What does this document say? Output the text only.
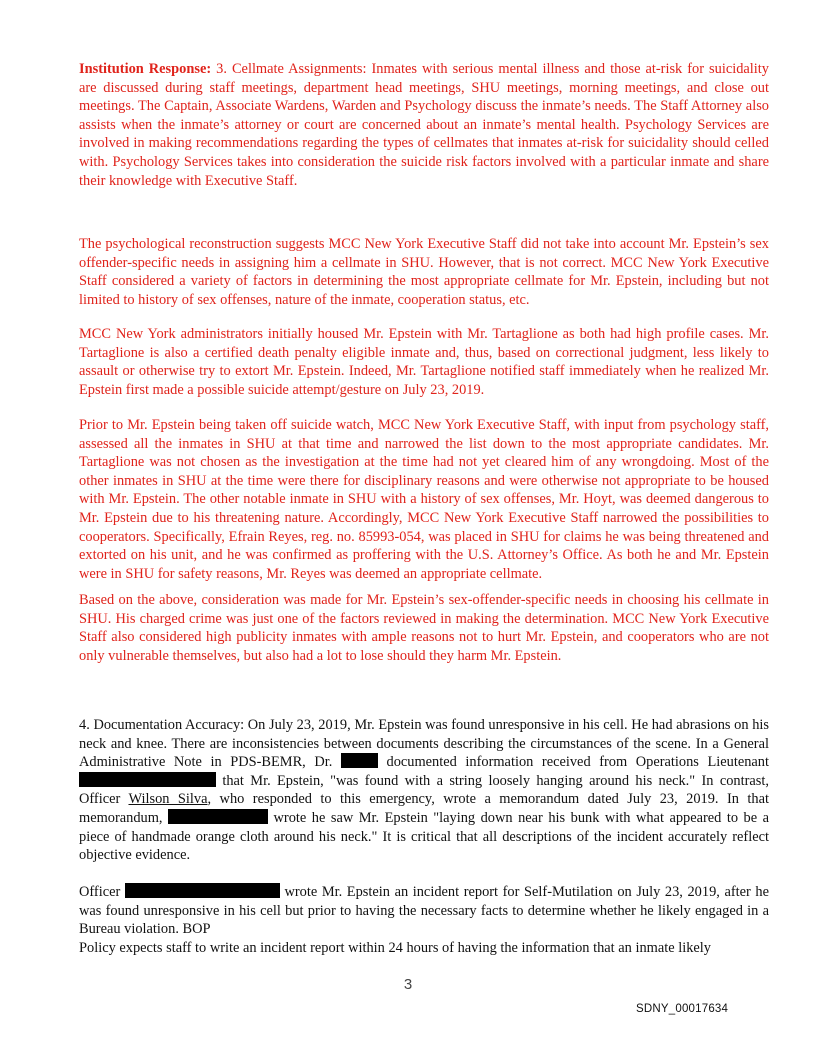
Institution Response: 3. Cellmate Assignments: Inmates with serious mental illness and those at-risk for suicidality are discussed during staff meetings, department head meetings, SHU meetings, morning meetings, and close out meetings. The Captain, Associate Wardens, Warden and Psychology discuss the inmate’s needs. The Staff Attorney also assists when the inmate’s attorney or court are concerned about an inmate’s mental health. Psychology Services are involved in making recommendations regarding the types of cellmates that inmates at-risk for suicidality should celled with. Psychology Services takes into consideration the suicide risk factors involved with a particular inmate and share their knowledge with Executive Staff.

The psychological reconstruction suggests MCC New York Executive Staff did not take into account Mr. Epstein’s sex offender-specific needs in assigning him a cellmate in SHU. However, that is not correct. MCC New York Executive Staff considered a variety of factors in determining the most appropriate cellmate for Mr. Epstein, including but not limited to history of sex offenses, nature of the inmate, cooperation status, etc.

MCC New York administrators initially housed Mr. Epstein with Mr. Tartaglione as both had high profile cases. Mr. Tartaglione is also a certified death penalty eligible inmate and, thus, based on correctional judgment, less likely to assault or otherwise try to extort Mr. Epstein. Indeed, Mr. Tartaglione notified staff immediately when he realized Mr. Epstein first made a possible suicide attempt/gesture on July 23, 2019.

Prior to Mr. Epstein being taken off suicide watch, MCC New York Executive Staff, with input from psychology staff, assessed all the inmates in SHU at that time and narrowed the list down to the most appropriate candidates. Mr. Tartaglione was not chosen as the investigation at the time had not yet cleared him of any wrongdoing. Most of the other inmates in SHU at the time were there for disciplinary reasons and were otherwise not appropriate to be housed with Mr. Epstein. The other notable inmate in SHU with a history of sex offenses, Mr. Hoyt, was deemed dangerous to Mr. Epstein due to his threatening nature. Accordingly, MCC New York Executive Staff narrowed the possibilities to cooperators. Specifically, Efrain Reyes, reg. no. 85993-054, was placed in SHU for claims he was being threatened and extorted on his unit, and he was confirmed as proffering with the U.S. Attorney’s Office. As both he and Mr. Epstein were in SHU for safety reasons, Mr. Reyes was deemed an appropriate cellmate.

Based on the above, consideration was made for Mr. Epstein’s sex-offender-specific needs in choosing his cellmate in SHU. His charged crime was just one of the factors reviewed in making the determination. MCC New York Executive Staff also considered high publicity inmates with ample reasons not to hurt Mr. Epstein, and cooperators who are not only vulnerable themselves, but also had a lot to lose should they harm Mr. Epstein.

4. Documentation Accuracy: On July 23, 2019, Mr. Epstein was found unresponsive in his cell. He had abrasions on his neck and knee. There are inconsistencies between documents describing the circumstances of the scene. In a General Administrative Note in PDS-BEMR, Dr.	documented information received from Operations Lieutenant  that Mr. Epstein, "was found with a string loosely hanging around his neck." In contrast, Officer Wilson Silva, who responded to this emergency, wrote a memorandum dated July 23, 2019. In that memorandum,	wrote he saw Mr. Epstein "laying down near his bunk with what appeared to be a piece of handmade orange cloth around his neck." It is critical that all descriptions of the incident accurately reflect objective evidence.

Officer	wrote Mr. Epstein an incident report for Self-Mutilation on July 23, 2019, after he was found unresponsive in his cell but prior to having the necessary facts to determine whether he likely engaged in a Bureau violation. BOP
Policy expects staff to write an incident report within 24 hours of having the information that an inmate likely

3
SDNY_00017634
